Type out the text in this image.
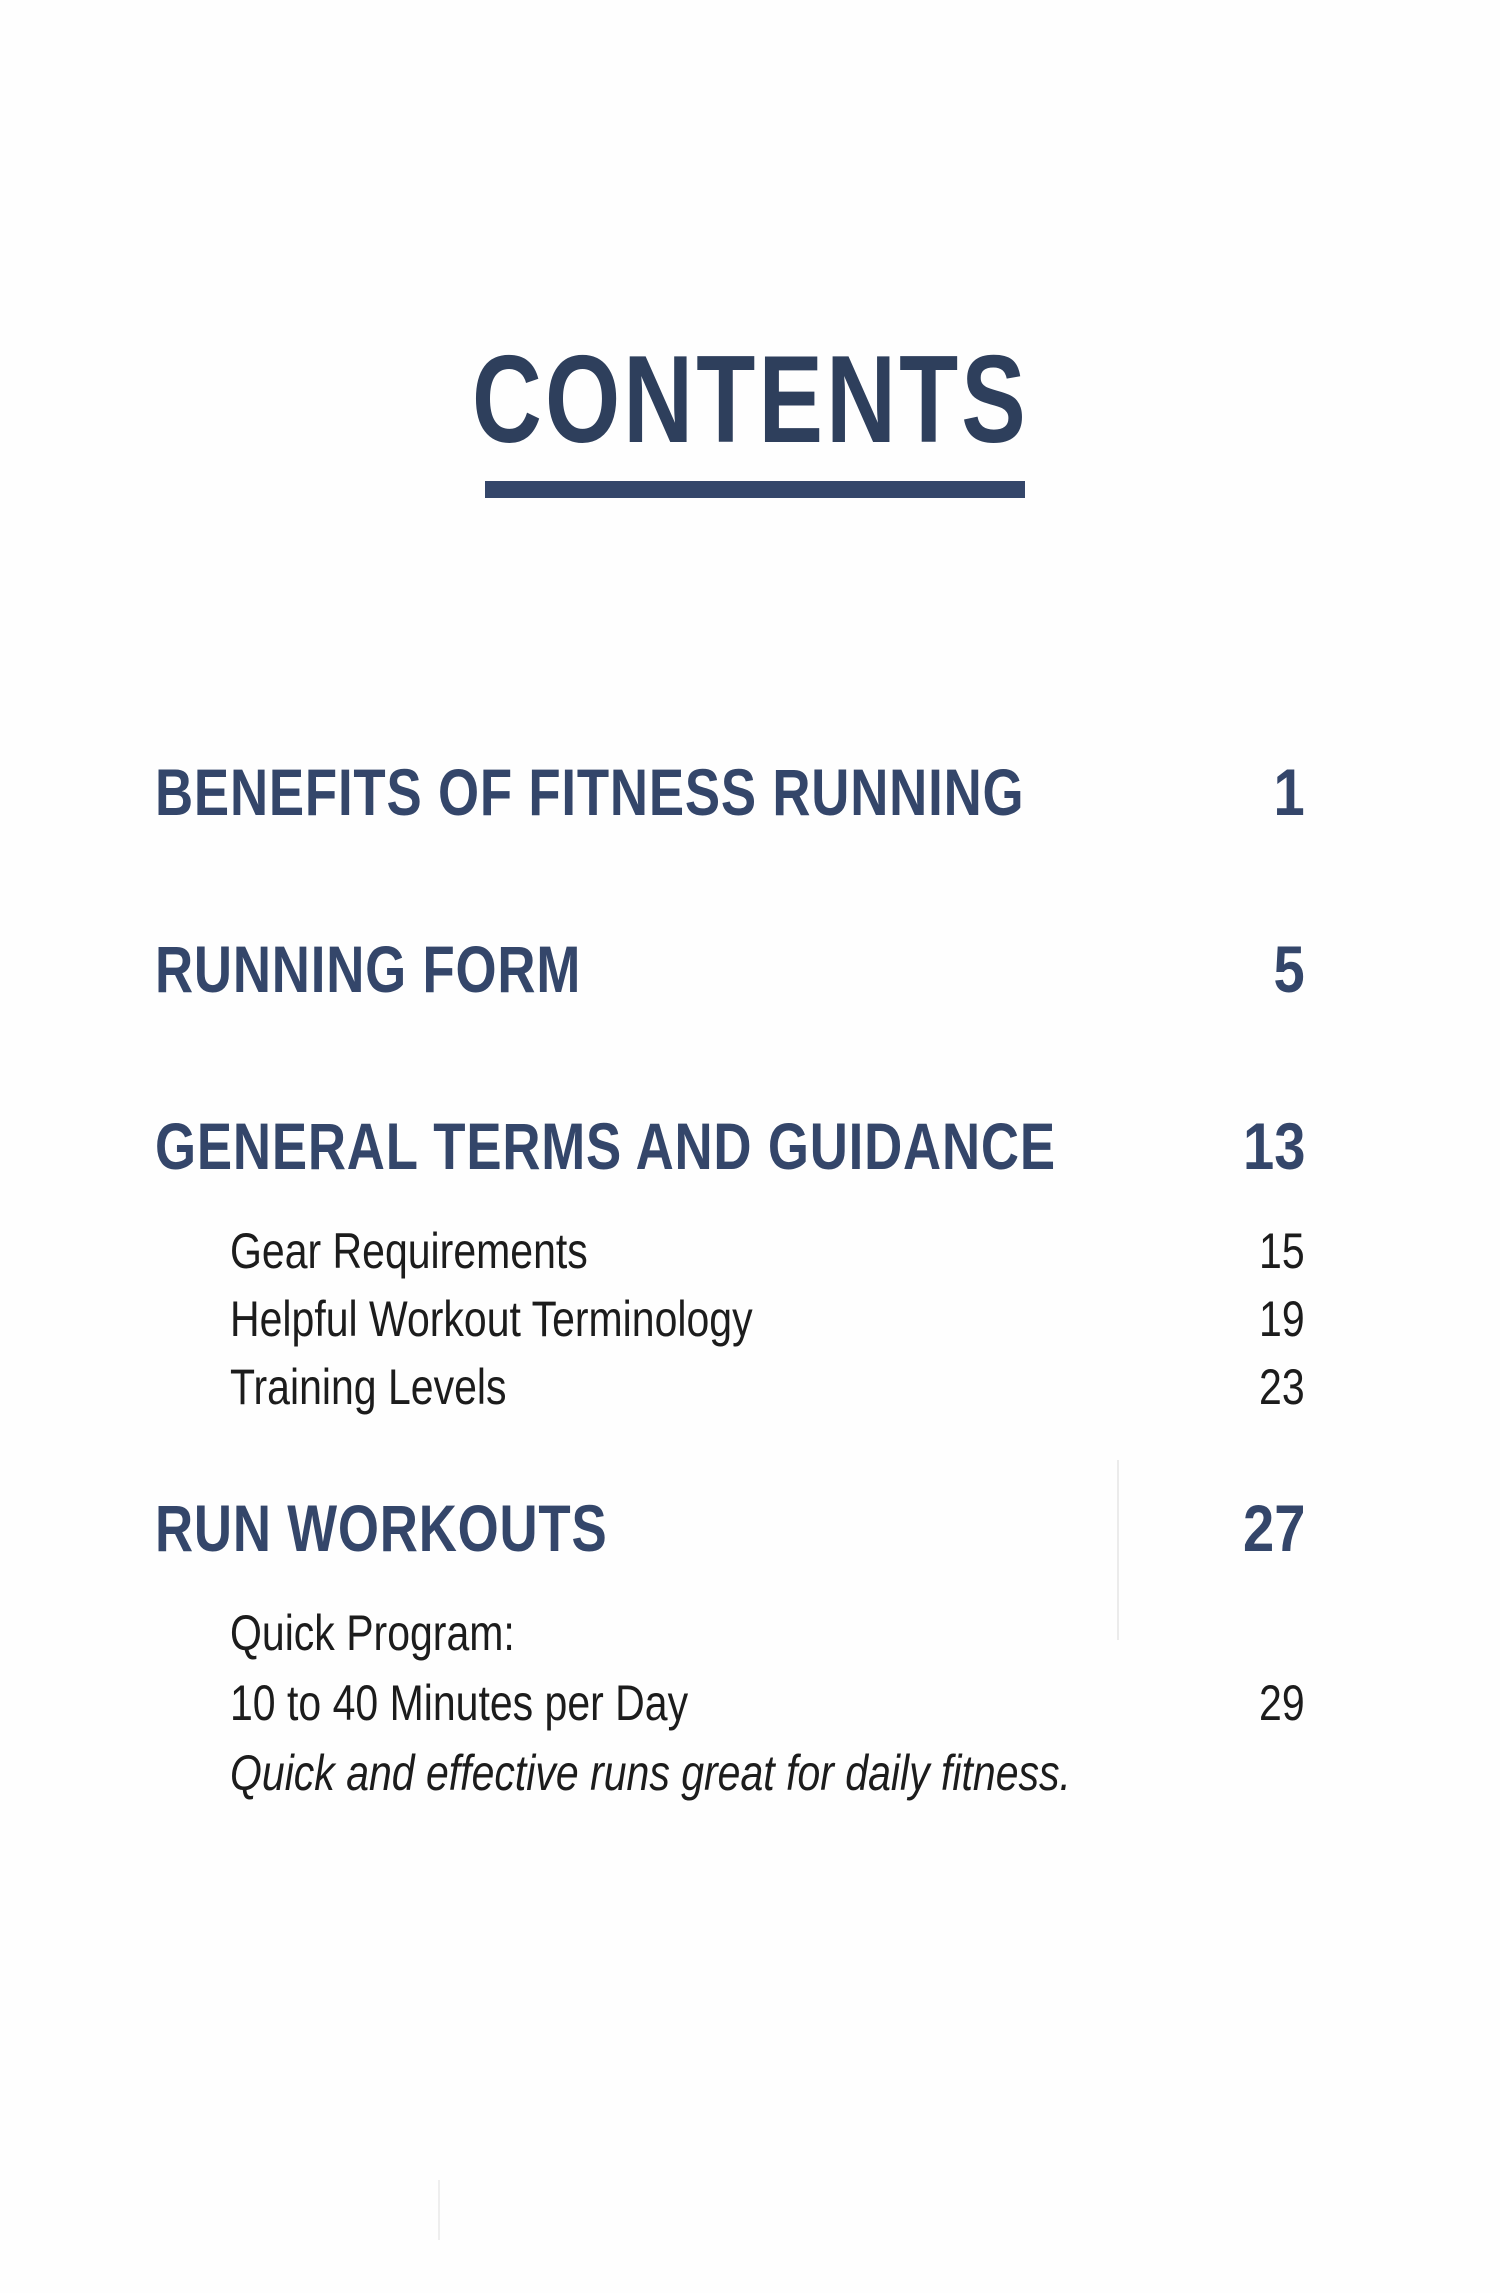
CONTENTS
BENEFITS OF FITNESS RUNNING	1
RUNNING FORM	5
GENERAL TERMS AND GUIDANCE	13
Gear Requirements	15
Helpful Workout Terminology	19
Training Levels	23
RUN WORKOUTS	27
Quick Program:
10 to 40 Minutes per Day	29
Quick and effective runs great for daily fitness.
